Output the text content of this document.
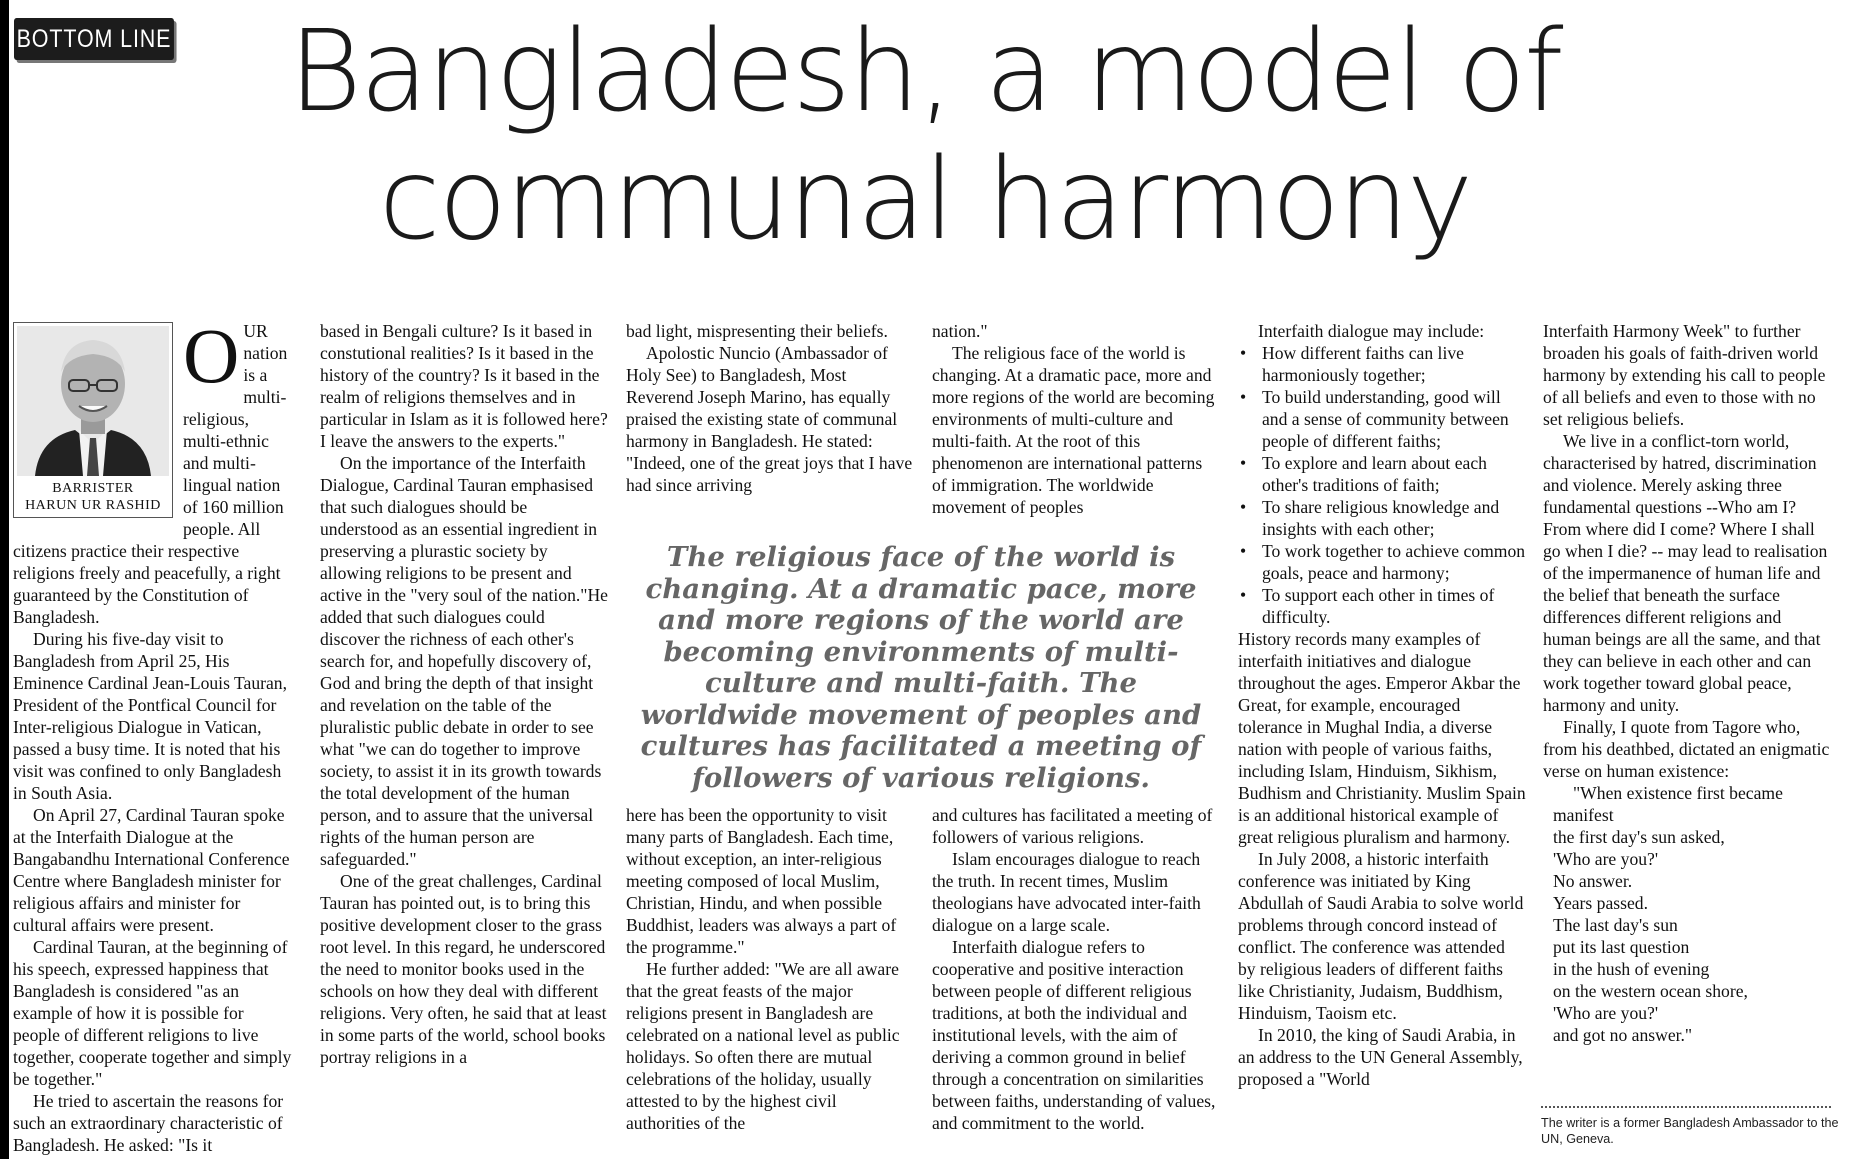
BOTTOM LINE	Bangladesh, a model of
communal harmony
BARRISTER
HARUN UR RASHID
O UR nation is a multi-religious, multi-ethnic and multi-lingual nation of 160 million people. All citizens practice their respective religions freely and peacefully, a right guaranteed by the Constitution of Bangladesh.

During his five-day visit to Bangladesh from April 25, His Eminence Cardinal Jean-Louis Tauran, President of the Pontfical Council for Inter-religious Dialogue in Vatican, passed a busy time. It is noted that his visit was confined to only Bangladesh in South Asia.

On April 27, Cardinal Tauran spoke at the Interfaith Dialogue at the Bangabandhu International Conference Centre where Bangladesh minister for religious affairs and minister for cultural affairs were present.

Cardinal Tauran, at the beginning of his speech, expressed happiness that Bangladesh is considered "as an example of how it is possible for people of different religions to live together, cooperate together and simply be together."

He tried to ascertain the reasons for such an extraordinary characteristic of Bangladesh. He asked: "Is it

based in Bengali culture? Is it based in constutional realities? Is it based in the history of the country? Is it based in the realm of religions themselves and in particular in Islam as it is followed here? I leave the answers to the experts."

On the importance of the Interfaith Dialogue, Cardinal Tauran emphasised that such dialogues should be understood as an essential ingredient in preserving a plurastic society by allowing religions to be present and active in the "very soul of the nation."He added that such dialogues could discover the richness of each other's search for, and hopefully discovery of, God and bring the depth of that insight and revelation on the table of the pluralistic public debate in order to see what "we can do together to improve society, to assist it in its growth towards the total development of the human person, and to assure that the universal rights of the human person are safeguarded."

One of the great challenges, Cardinal Tauran has pointed out, is to bring this positive development closer to the grass root level. In this regard, he underscored the need to monitor books used in the schools on how they deal with different religions. Very often, he said that at least in some parts of the world, school books portray religions in a

bad light, mispresenting their beliefs.

Apolostic Nuncio (Ambassador of Holy See) to Bangladesh, Most Reverend Joseph Marino, has equally praised the existing state of communal harmony in Bangladesh. He stated: "Indeed, one of the great joys that I have had since arriving

nation."

The religious face of the world is changing. At a dramatic pace, more and more regions of the world are becoming environments of multi-culture and multi-faith. At the root of this phenomenon are international patterns of immigration. The worldwide movement of peoples

The religious face of the world is changing. At a dramatic pace, more and more regions of the world are becoming environments of multi-culture and multi-faith. The worldwide movement of peoples and cultures has facilitated a meeting of followers of various religions.

here has been the opportunity to visit many parts of Bangladesh. Each time, without exception, an inter-religious meeting composed of local Muslim, Christian, Hindu, and when possible Buddhist, leaders was always a part of the programme."

He further added: "We are all aware that the great feasts of the major religions present in Bangladesh are celebrated on a national level as public holidays. So often there are mutual celebrations of the holiday, usually attested to by the highest civil authorities of the

and cultures has facilitated a meeting of followers of various religions.

Islam encourages dialogue to reach the truth. In recent times, Muslim theologians have advocated inter-faith dialogue on a large scale.

Interfaith dialogue refers to cooperative and positive interaction between people of different religious traditions, at both the individual and institutional levels, with the aim of deriving a common ground in belief through a concentration on similarities between faiths, understanding of values, and commitment to the world.

Interfaith dialogue may include:

• How different faiths can live harmoniously together;

• To build understanding, good will and a sense of community between people of different faiths;

• To explore and learn about each other's traditions of faith;

• To share religious knowledge and insights with each other;

• To work together to achieve common goals, peace and harmony;

• To support each other in times of difficulty.

History records many examples of interfaith initiatives and dialogue throughout the ages. Emperor Akbar the Great, for example, encouraged tolerance in Mughal India, a diverse nation with people of various faiths, including Islam, Hinduism, Sikhism, Budhism and Christianity. Muslim Spain is an additional historical example of great religious pluralism and harmony.

In July 2008, a historic interfaith conference was initiated by King Abdullah of Saudi Arabia to solve world problems through concord instead of conflict. The conference was attended by religious leaders of different faiths like Christianity, Judaism, Buddhism, Hinduism, Taoism etc.

In 2010, the king of Saudi Arabia, in an address to the UN General Assembly, proposed a "World

Interfaith Harmony Week" to further broaden his goals of faith-driven world harmony by extending his call to people of all beliefs and even to those with no set religious beliefs.

We live in a conflict-torn world, characterised by hatred, discrimination and violence. Merely asking three fundamental questions --Who am I? From where did I come? Where I shall go when I die? -- may lead to realisation of the impermanence of human life and the belief that beneath the surface differences different religions and human beings are all the same, and that they can believe in each other and can work together toward global peace, harmony and unity.

Finally, I quote from Tagore who, from his deathbed, dictated an enigmatic verse on human existence:

"When existence first became manifest

the first day's sun asked,

'Who are you?'

No answer.

Years passed.

The last day's sun

put its last question

in the hush of evening

on the western ocean shore,

'Who are you?'

and got no answer."

The writer is a former Bangladesh Ambassador to the UN, Geneva.
